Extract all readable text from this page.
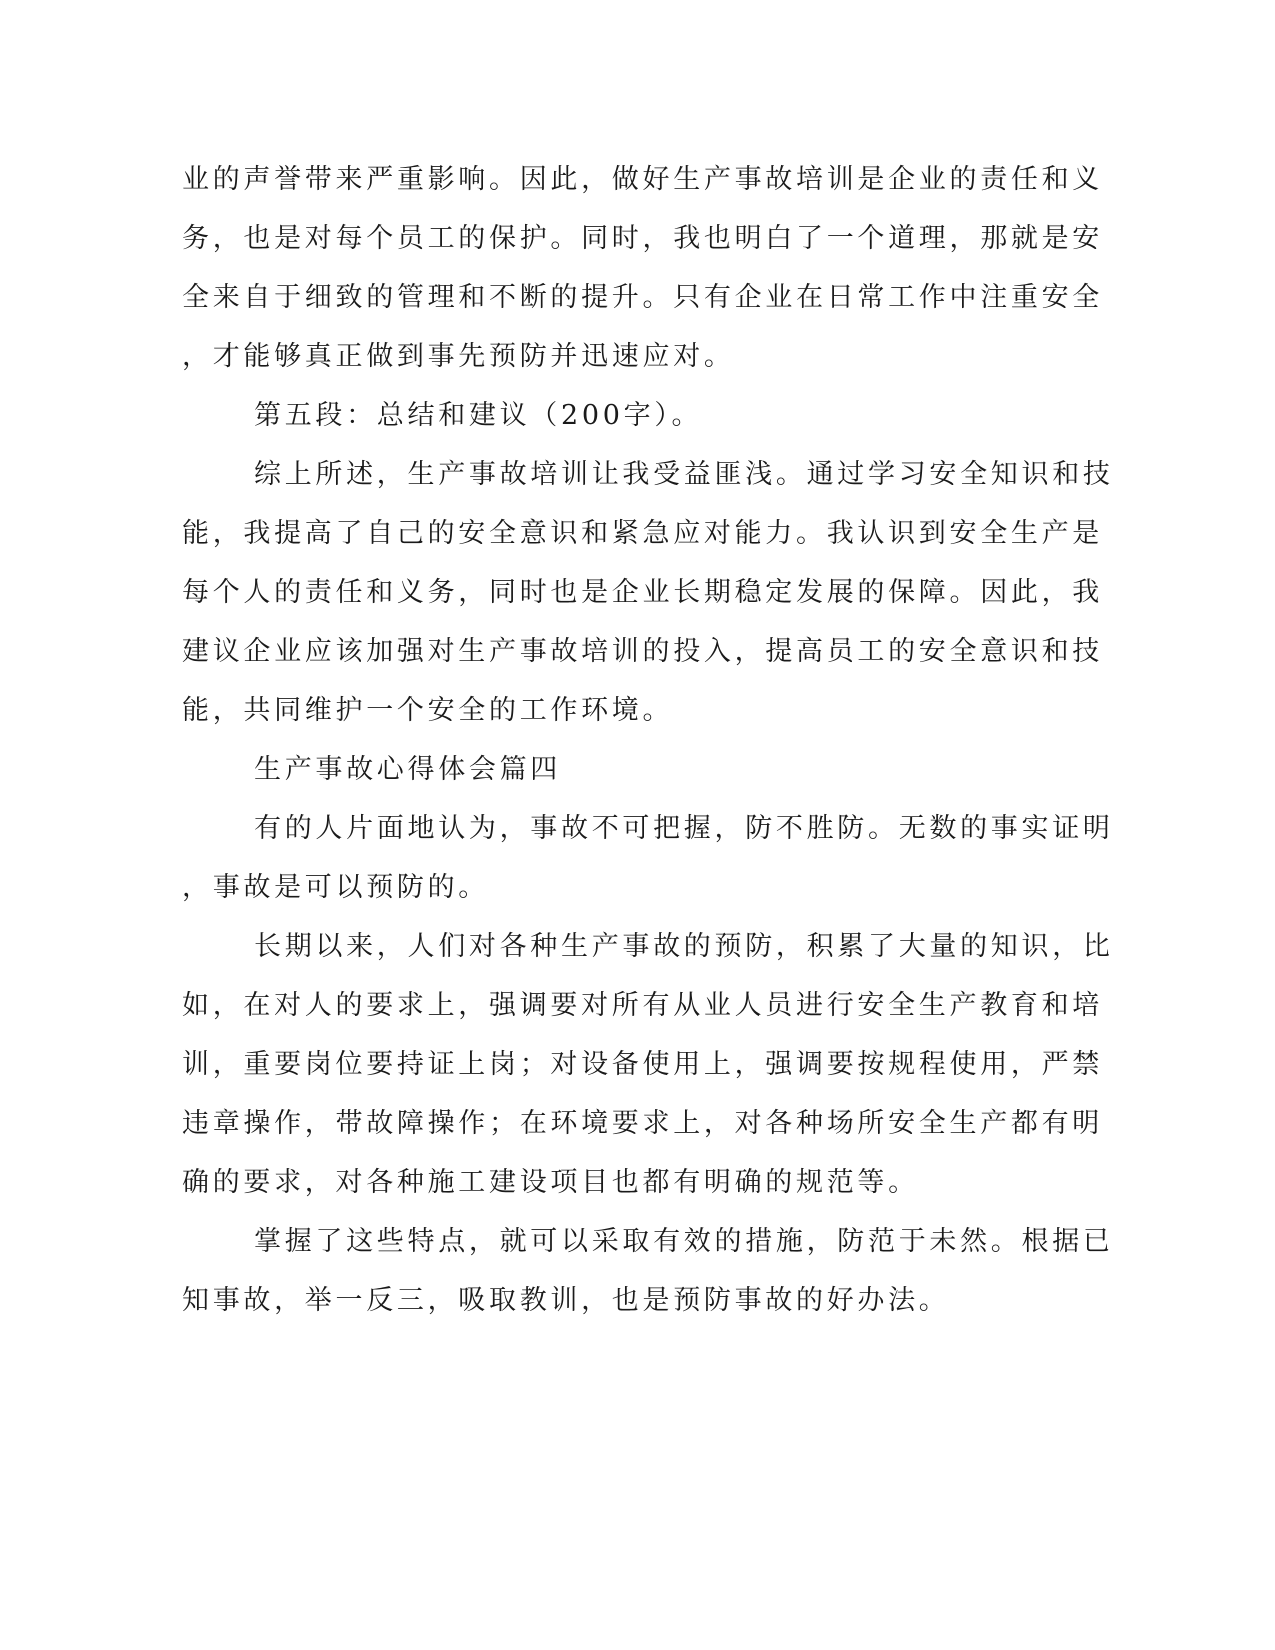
业的声誉带来严重影响。因此，做好生产事故培训是企业的责任和义
务，也是对每个员工的保护。同时，我也明白了一个道理，那就是安
全来自于细致的管理和不断的提升。只有企业在日常工作中注重安全
，才能够真正做到事先预防并迅速应对。
第五段：总结和建议（200字）。
综上所述，生产事故培训让我受益匪浅。通过学习安全知识和技
能，我提高了自己的安全意识和紧急应对能力。我认识到安全生产是
每个人的责任和义务，同时也是企业长期稳定发展的保障。因此，我
建议企业应该加强对生产事故培训的投入，提高员工的安全意识和技
能，共同维护一个安全的工作环境。
生产事故心得体会篇四
有的人片面地认为，事故不可把握，防不胜防。无数的事实证明
，事故是可以预防的。
长期以来，人们对各种生产事故的预防，积累了大量的知识，比
如，在对人的要求上，强调要对所有从业人员进行安全生产教育和培
训，重要岗位要持证上岗；对设备使用上，强调要按规程使用，严禁
违章操作，带故障操作；在环境要求上，对各种场所安全生产都有明
确的要求，对各种施工建设项目也都有明确的规范等。
掌握了这些特点，就可以采取有效的措施，防范于未然。根据已
知事故，举一反三，吸取教训，也是预防事故的好办法。
